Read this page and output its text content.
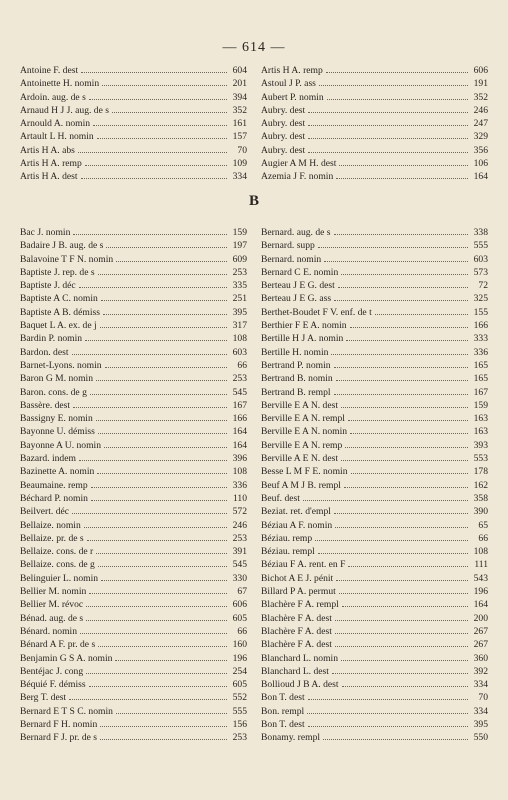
— 614 —
Antoine F. dest	604
Antoinette H. nomin	201
Ardoin. aug. de s	394
Arnaud H J J. aug. de s	352
Arnould A. nomin	161
Artault L H. nomin	157
Artis H A. abs	70
Artis H A. remp	109
Artis H A. dest	334
Artis H A. remp	606
Astoul J P. ass	191
Aubert P. nomin	352
Aubry. dest	246
Aubry. dest	247
Aubry. dest	329
Aubry. dest	356
Augier A M H. dest	106
Azemia J F. nomin	164
B
Bac J. nomin	159
Badaire J B. aug. de s	197
Balavoine T F N. nomin	609
Baptiste J. rep. de s	253
Baptiste J. déc	335
Baptiste A C. nomin	251
Baptiste A B. démiss	395
Baquet L A. ex. de j	317
Bardin P. nomin	108
Bardon. dest	603
Barnet-Lyons. nomin	66
Baron G M. nomin	253
Baron. cons. de g	545
Bassère. dest	167
Bassigny E. nomin	166
Bayonne U. démiss	164
Bayonne A U. nomin	164
Bazard. indem	396
Bazinette A. nomin	108
Beaumaine. remp	336
Béchard P. nomin	110
Beilvert. déc	572
Bellaize. nomin	246
Bellaize. pr. de s	253
Bellaize. cons. de r	391
Bellaize. cons. de g	545
Belinguier L. nomin	330
Bellier M. nomin	67
Bellier M. révoc	606
Bénad. aug. de s	605
Bénard. nomin	66
Bénard A F. pr. de s	160
Benjamin G S A. nomin	196
Bentéjac J. cong	254
Béquié F. démiss	605
Berg T. dest	552
Bernard E T S C. nomin	555
Bernard F H. nomin	156
Bernard F J. pr. de s	253
Bernard. aug. de s	338
Bernard. supp	555
Bernard. nomin	603
Bernard C E. nomin	573
Berteau J E G. dest	72
Berteau J E G. ass	325
Berthet-Boudet F V. enf. de t	155
Berthier F E A. nomin	166
Bertille H J A. nomin	333
Bertille H. nomin	336
Bertrand P. nomin	165
Bertrand B. nomin	165
Bertrand B. rempl	167
Berville E A N. dest	159
Berville E A N. rempl	163
Berville E A N. nomin	163
Berville E A N. remp	393
Berville A E N. dest	553
Besse L M F E. nomin	178
Beuf A M J B. rempl	162
Beuf. dest	358
Beziat. ret. d'empl	390
Béziau A F. nomin	65
Béziau. remp	66
Béziau. rempl	108
Béziau F A. rent. en F	111
Bichot A E J. pénit	543
Billard P A. permut	196
Blachère F A. rempl	164
Blachère F A. dest	200
Blachère F A. dest	267
Blachère F A. dest	267
Blanchard L. nomin	360
Blanchard L. dest	392
Bollioud J B A. dest	334
Bon T. dest	70
Bon. rempl	334
Bon T. dest	395
Bonamy. rempl	550
